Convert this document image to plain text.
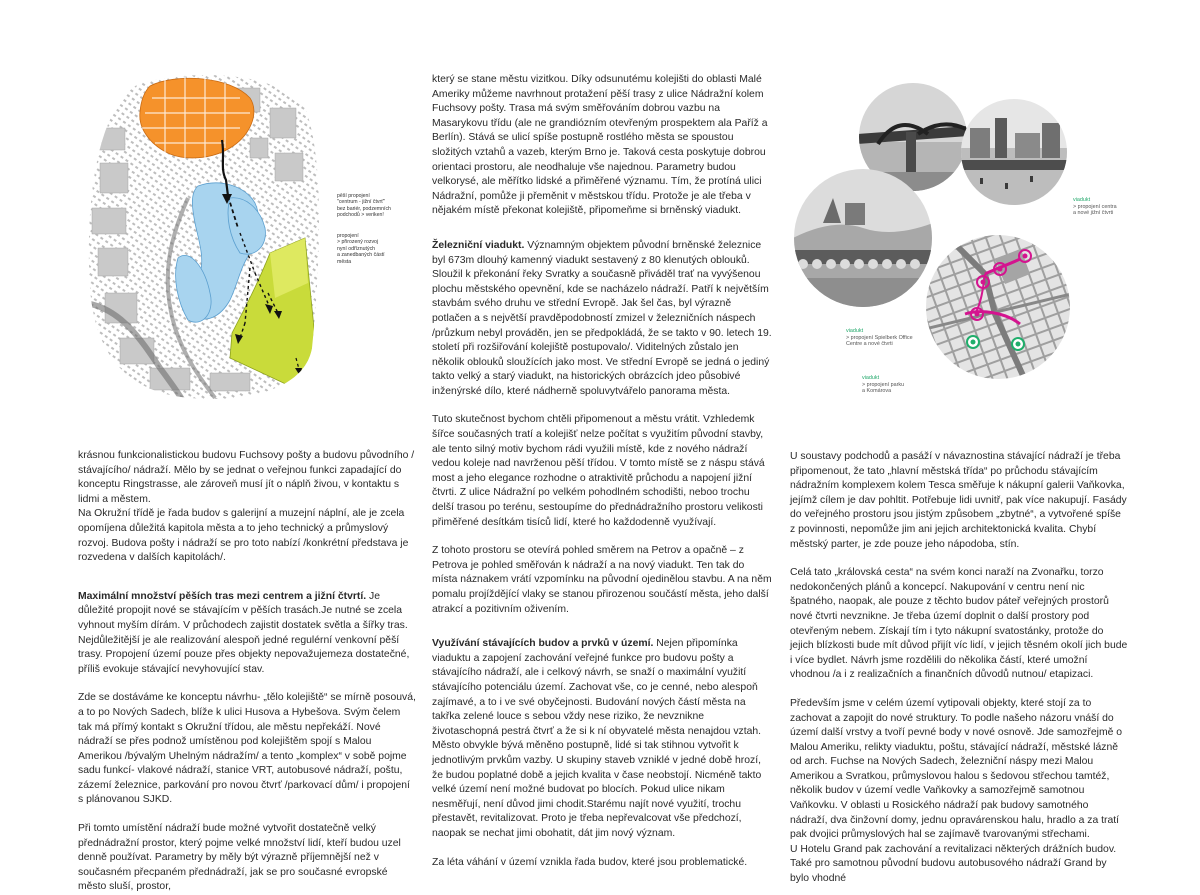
pěší propojení
"centrum - jižní čtvrť"
bez bariér, podzemních
podchodů > veriken!
propojení
> přirozený rozvoj
nyní odříznutých
a zanedbaných částí
města
viadukt
> propojení centra
a nové jižní čtvrti
viadukt
> propojení Spielberk Office
Centre a nové čtvrti
viadukt
> propojení parku
a Komárova

krásnou funkcionalistickou budovu Fuchsovy pošty a budovu původního / stávajícího/ nádraží. Mělo by se jednat o veřejnou funkci zapadající do konceptu Ringstrasse, ale zároveň musí jít o náplň živou, v kontaktu s lidmi a městem.
Na Okružní třídě je řada budov s galerijní a muzejní náplní, ale je zcela opomíjena důležitá kapitola města a to jeho technický a průmyslový rozvoj. Budova pošty i nádraží se pro toto nabízí /konkrétní představa je rozvedena v dalších kapitolách/.

Maximální množství pěších tras mezi centrem a jižní čtvrtí. Je důležité propojit nové se stávajícím v pěších trasách.Je nutné se zcela vyhnout myším dírám. V průchodech zajistit dostatek světla a šířky tras. Nejdůležitější je ale realizování alespoň jedné regulérní venkovní pěší trasy. Propojení území pouze přes objekty nepovažujemeza dostatečné, příliš evokuje stávající nevyhovující stav.

Zde se dostáváme ke konceptu návrhu- „tělo kolejiště“ se mírně posouvá, a to po Nových Sadech, blíže k ulici Husova a Hybešova. Svým čelem tak má přímý kontakt s Okružní třídou, ale městu nepřekáží. Nové nádraží se přes podnož umístěnou pod kolejištěm spojí s Malou Amerikou /bývalým Uhelným nádražím/ a tento „komplex“ v sobě pojme sadu funkcí- vlakové nádraží, stanice VRT, autobusové nádraží, poštu, zázemí železnice, parkování pro novou čtvrť /parkovací dům/ i propojení s plánovanou SJKD.

Při tomto umístění nádraží bude možné vytvořit dostatečně velký přednádražní prostor, který pojme velké množství lidí, kteří budou uzel denně používat. Parametry by měly být výrazně příjemnější než v současném přecpaném přednádraží, jak se pro současné evropské město sluší, prostor,

který se stane městu vizitkou. Díky odsunutému kolejišti do oblasti Malé Ameriky můžeme navrhnout protažení pěší trasy z ulice Nádražní kolem Fuchsovy pošty. Trasa má svým směřováním dobrou vazbu na Masarykovu třídu (ale ne grandiózním otevřeným prospektem ala Paříž a Berlín). Stává se ulicí spíše postupně rostlého města se spoustou složitých vztahů a vazeb, kterým Brno je. Taková cesta poskytuje dobrou orientaci prostoru, ale neodhaluje vše najednou. Parametry budou velkorysé, ale měřítko lidské a přiměřené významu. Tím, že protíná ulici Nádražní, pomůže ji přeměnit v městskou třídu. Protože je ale třeba v nějakém místě překonat kolejiště, připomeňme si brněnský viadukt.

Železniční viadukt. Významným objektem původní brněnské železnice byl 673m dlouhý kamenný viadukt sestavený z 80 klenutých oblouků. Sloužil k překonání řeky Svratky a současně přiváděl trať na vyvýšenou plochu městského opevnění, kde se nacházelo nádraží. Patří k největším stavbám svého druhu ve střední Evropě. Jak šel čas, byl výrazně potlačen a s největší pravděpodobností zmizel v železničních náspech /průzkum nebyl prováděn, jen se předpokládá, že se takto v 90. letech 19. století při rozšiřování kolejiště postupovalo/. Viditelných zůstalo jen několik oblouků sloužících jako most. Ve střední Evropě se jedná o jediný takto velký a starý viadukt, na historických obrázcích jdeo působivé inženýrské dílo, které nádherně spoluvytvářelo panorama města.

Tuto skutečnost bychom chtěli připomenout a městu vrátit. Vzhledemk šířce současných tratí a kolejišť nelze počítat s využitím původní stavby, ale tento silný motiv bychom rádi využili místě, kde z nového nádraží vedou koleje nad navrženou pěší třídou. V tomto místě se z náspu stává most a jeho elegance rozhodne o atraktivitě průchodu a napojení jižní čtvrti. Z ulice Nádražní po velkém pohodlném schodišti, neboo trochu delší trasou po terénu, sestoupíme do přednádražního prostoru velikosti přiměřené desítkám tisíců lidí, které ho každodenně využívají.

Z tohoto prostoru se otevírá pohled směrem na Petrov a opačně – z Petrova je pohled směřován k nádraží a na nový viadukt. Ten tak do místa náznakem vrátí vzpomínku na původní ojedinělou stavbu. A na něm pomalu projíždějící vlaky se stanou přirozenou součástí města, jeho další atrakcí a pozitivním oživením.

Využívání stávajících budov a prvků v území. Nejen připomínka viaduktu a zapojení zachování veřejné funkce pro budovu pošty a stávajícího nádraží, ale i celkový návrh, se snaží o maximální využití stávajícího potenciálu území. Zachovat vše, co je cenné, nebo alespoň zajímavé, a to i ve své obyčejnosti. Budování nových částí města na takřka zelené louce s sebou vždy nese riziko, že nevznikne životaschopná pestrá čtvrť a že si k ní obyvatelé města nenajdou vztah. Město obvykle bývá měněno postupně, lidé si tak stihnou vytvořit k jednotlivým prvkům vazby. U skupiny staveb vzniklé v jedné době hrozí, že budou poplatné době a jejich kvalita v čase neobstojí. Nicméně takto velké území není možné budovat po blocích. Pokud ulice nikam nesměřují, není důvod jimi chodit.Starému najít nové využití, trochu přestavět, revitalizovat. Proto je třeba nepřevalcovat vše předchozí, naopak se nechat jimi obohatit, dát jim nový význam.

Za léta váhání v území vznikla řada budov, které jsou problematické.

U soustavy podchodů a pasáží v návaznostina stávající nádraží je třeba připomenout, že tato „hlavní městská třída“ po průchodu stávajícím nádražním komplexem kolem Tesca směřuje k nákupní galerii Vaňkovka, jejímž cílem je dav pohltit. Potřebuje lidi uvnitř, pak více nakupují. Fasády do veřejného prostoru jsou jistým způsobem „zbytné“, a vytvořené spíše z povinnosti, nepomůže jim ani jejich architektonická kvalita. Chybí městský parter, je zde pouze jeho nápodoba, stín.

Celá tato „královská cesta“ na svém konci naraží na Zvonařku, torzo nedokončených plánů a koncepcí. Nakupování v centru není nic špatného, naopak, ale pouze z těchto budov páteř veřejných prostorů nové čtvrti nevznikne. Je třeba území doplnit o další prostory pod otevřeným nebem. Získají tím i tyto nákupní svatostánky, protože do jejich blízkosti bude mít důvod přijít víc lidí, v jejich těsném okolí jich bude i více bydlet. Návrh jsme rozdělili do několika částí, které umožní vhodnou /a i z realizačních a finančních důvodů nutnou/ etapizaci.

Především jsme v celém území vytipovali objekty, které stojí za to zachovat a zapojit do nové struktury. To podle našeho názoru vnáší do území další vrstvy a tvoří pevné body v nové osnově. Jde samozřejmě o Malou Ameriku, relikty viaduktu, poštu, stávající nádraží, městské lázně od arch. Fuchse na Nových Sadech, železniční náspy mezi Malou Amerikou a Svratkou, průmyslovou halou s šedovou střechou tamtéž, několik budov v území vedle Vaňkovky a samozřejmě samotnou Vaňkovku. V oblasti u Rosického nádraží pak budovy samotného nádraží, dva činžovní domy, jednu opravárenskou halu, hradlo a za tratí pak dvojici průmyslových hal se zajímavě tvarovanými střechami.
U Hotelu Grand pak zachování a revitalizaci některých drážních budov. Také pro samotnou původní budovu autobusového nádraží Grand by bylo vhodné
